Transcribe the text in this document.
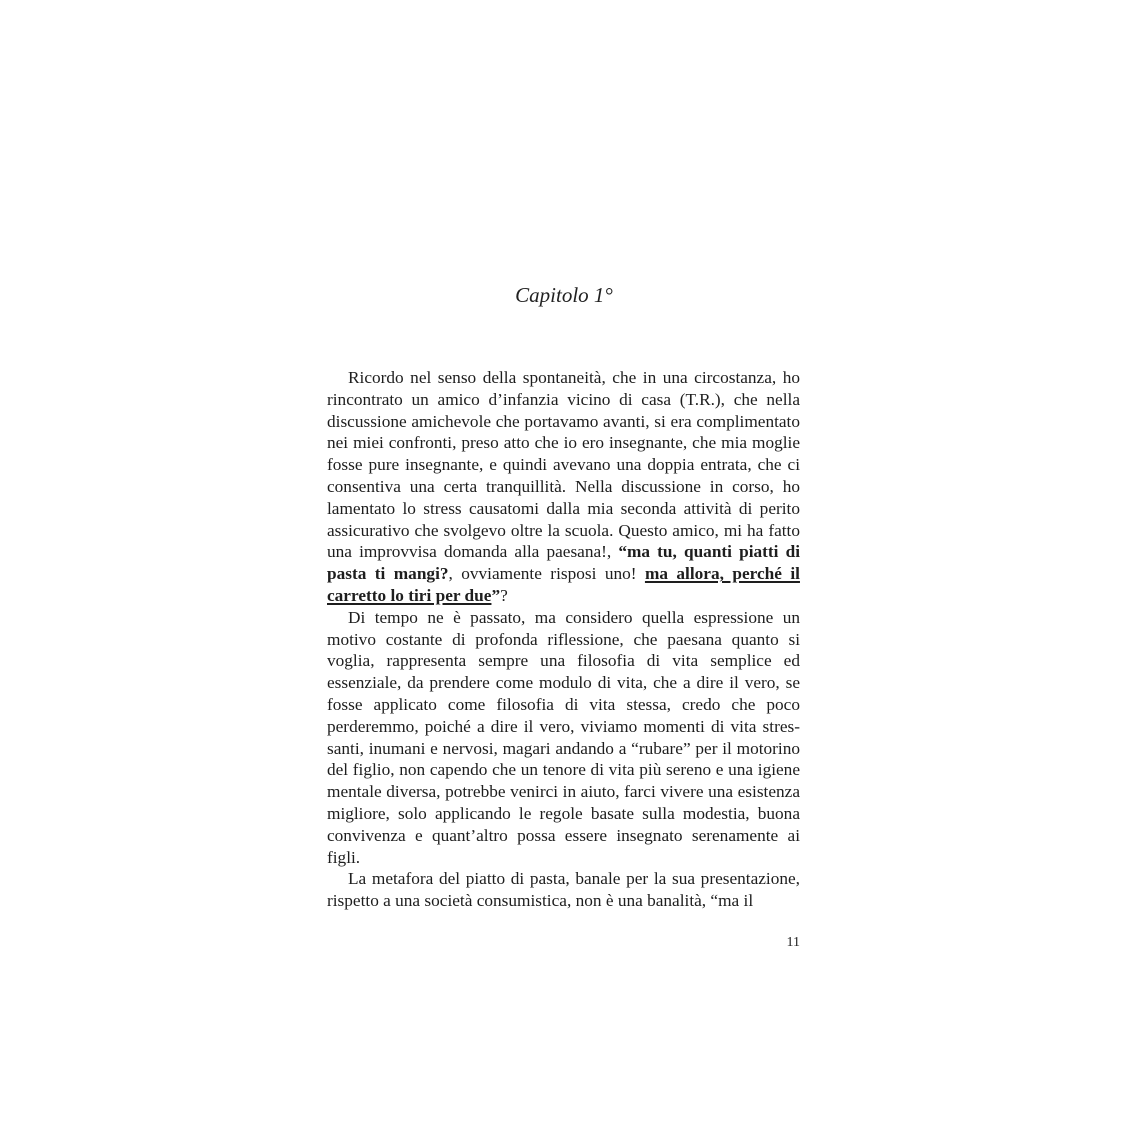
Capitolo 1°

Ricordo nel senso della spontaneità, che in una circostanza, ho rincontrato un amico d’infanzia vicino di casa (T.R.), che nella discussione amichevole che portavamo avanti, si era complimentato nei miei confronti, preso atto che io ero insegnante, che mia moglie fosse pure insegnante, e quindi avevano una doppia entrata, che ci consentiva una certa tranquillità. Nella discussione in corso, ho lamentato lo stress causatomi dalla mia seconda attività di perito assicurativo che svolgevo oltre la scuola. Questo amico, mi ha fatto una improvvisa domanda alla paesana!, “ma tu, quanti piatti di pasta ti mangi?, ovviamente risposi uno! ma allora, perché il carretto lo tiri per due”?

Di tempo ne è passato, ma considero quella espressione un motivo costante di profonda riflessione, che paesana quanto si voglia, rappresenta sempre una filosofia di vita semplice ed essenziale, da prendere come modulo di vita, che a dire il vero, se fosse applicato come filosofia di vita stessa, credo che poco perderemmo, poiché a dire il vero, viviamo momenti di vita stressanti, inumani e nervosi, magari andando a “rubare” per il motorino del figlio, non capendo che un tenore di vita più sereno e una igiene mentale diversa, potrebbe venirci in aiuto, farci vivere una esistenza migliore, solo applicando le regole basate sulla modestia, buona convivenza e quant’altro possa essere insegnato serenamente ai figli.

La metafora del piatto di pasta, banale per la sua presentazione, rispetto a una società consumistica, non è una banalità, “ma il

11
